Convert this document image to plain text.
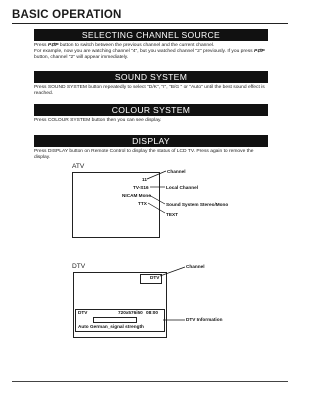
BASIC OPERATION
SELECTING CHANNEL SOURCE
Press P⇄P button to switch between the previous channel and the current channel.
For example, now you are watching channel "4", but you watched channel "2" previously. If you press P⇄P
button, channel "2" will appear immediately.
SOUND SYSTEM
Press SOUND SYSTEM button repeatedly to select "D/K", "I", "B/G " or "Auto" until the best sound effect is
reached.
COLOUR SYSTEM
Press COLOUR SYSTEM button then you can see display.
DISPLAY
Press DISPLAY button on Remote Control to display the status of LCD TV. Press again to remove the
display.
ATV
11
TV-S16
NICAM Mono
TTX
Channel
Local Channel
Sound System Stereo/Mono
TEXT
DTV
DTV
DTV	720x576i50 08:00
Auto German_signal strength
Channel
DTV Information
